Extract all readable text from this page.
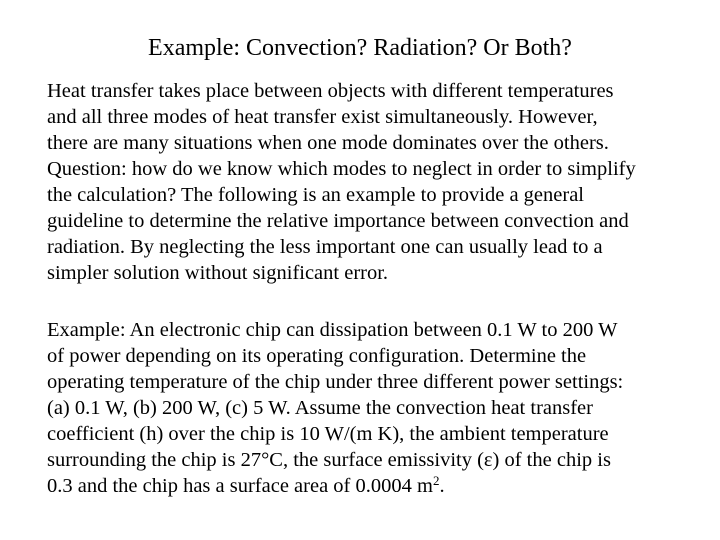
Example: Convection? Radiation? Or Both?
Heat transfer takes place between objects with different temperatures
and all three modes of heat transfer exist simultaneously. However,
there are many situations when one mode dominates over the others.
Question: how do we know which modes to neglect in order to simplify
the calculation? The following is an example to provide a general
guideline to determine the relative importance between convection and
radiation. By neglecting the less important one can usually lead to a
simpler solution without significant error.
Example: An electronic chip can dissipation between 0.1 W to 200 W
of power depending on its operating configuration. Determine the
operating temperature of the chip under three different power settings:
(a) 0.1 W, (b) 200 W, (c) 5 W. Assume the convection heat transfer
coefficient (h) over the chip is 10 W/(m K), the ambient temperature
surrounding the chip is 27°C, the surface emissivity (ε) of the chip is
0.3 and the chip has a surface area of 0.0004 $m^2$.
